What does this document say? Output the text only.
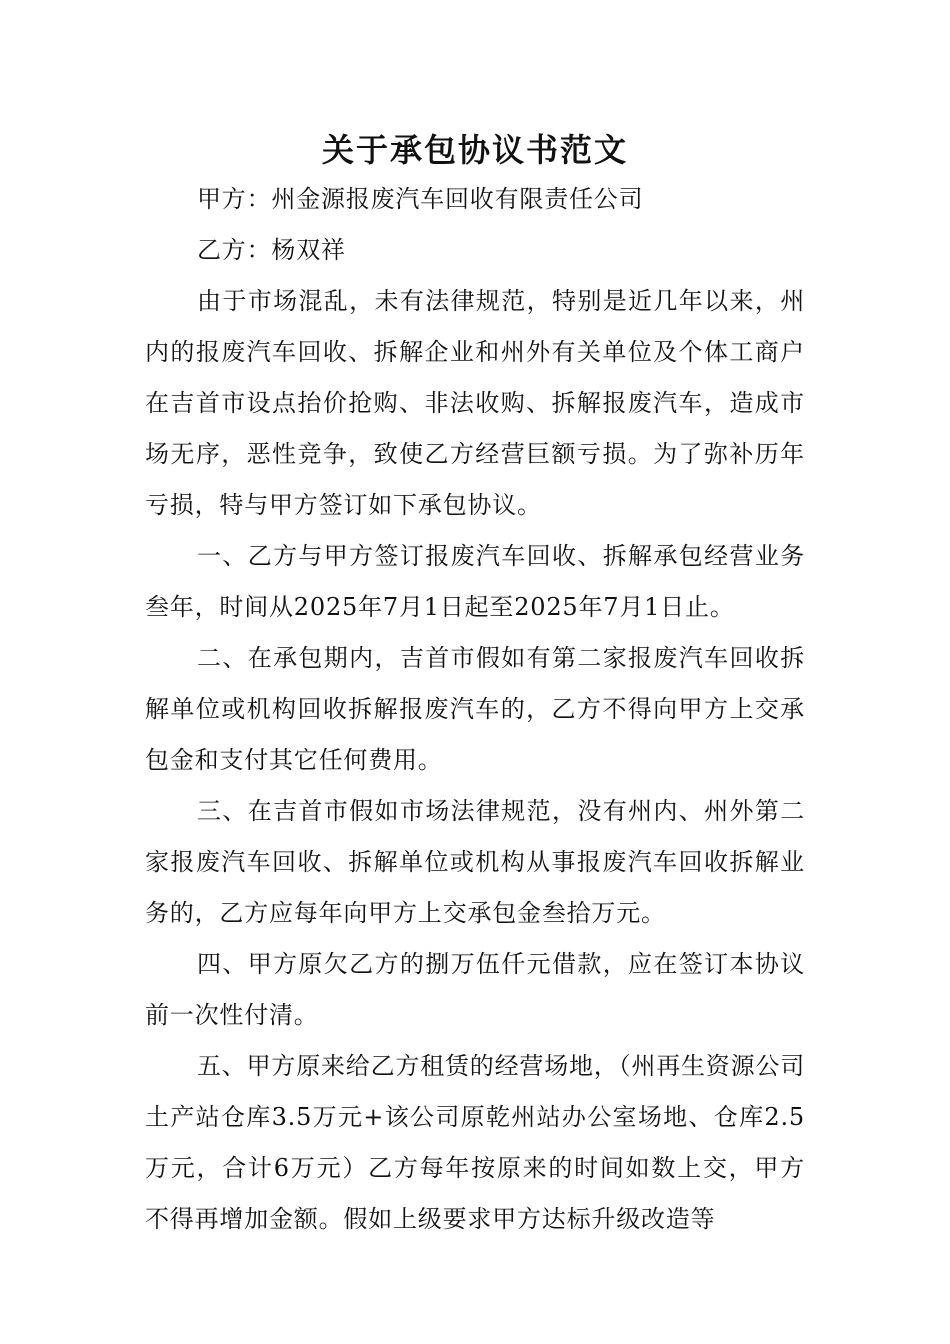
关于承包协议书范文

甲方：州金源报废汽车回收有限责任公司

乙方：杨双祥

由于市场混乱，未有法律规范，特别是近几年以来，州内的报废汽车回收、拆解企业和州外有关单位及个体工商户在吉首市设点抬价抢购、非法收购、拆解报废汽车，造成市场无序，恶性竞争，致使乙方经营巨额亏损。为了弥补历年亏损，特与甲方签订如下承包协议。

一、乙方与甲方签订报废汽车回收、拆解承包经营业务叁年，时间从2025年7月1日起至2025年7月1日止。

二、在承包期内，吉首市假如有第二家报废汽车回收拆解单位或机构回收拆解报废汽车的，乙方不得向甲方上交承包金和支付其它任何费用。

三、在吉首市假如市场法律规范，没有州内、州外第二家报废汽车回收、拆解单位或机构从事报废汽车回收拆解业务的，乙方应每年向甲方上交承包金叁拾万元。

四、甲方原欠乙方的捌万伍仟元借款，应在签订本协议前一次性付清。

五、甲方原来给乙方租赁的经营场地，（州再生资源公司土产站仓库3.5万元+该公司原乾州站办公室场地、仓库2.5万元，合计6万元）乙方每年按原来的时间如数上交，甲方不得再增加金额。假如上级要求甲方达标升级改造等
